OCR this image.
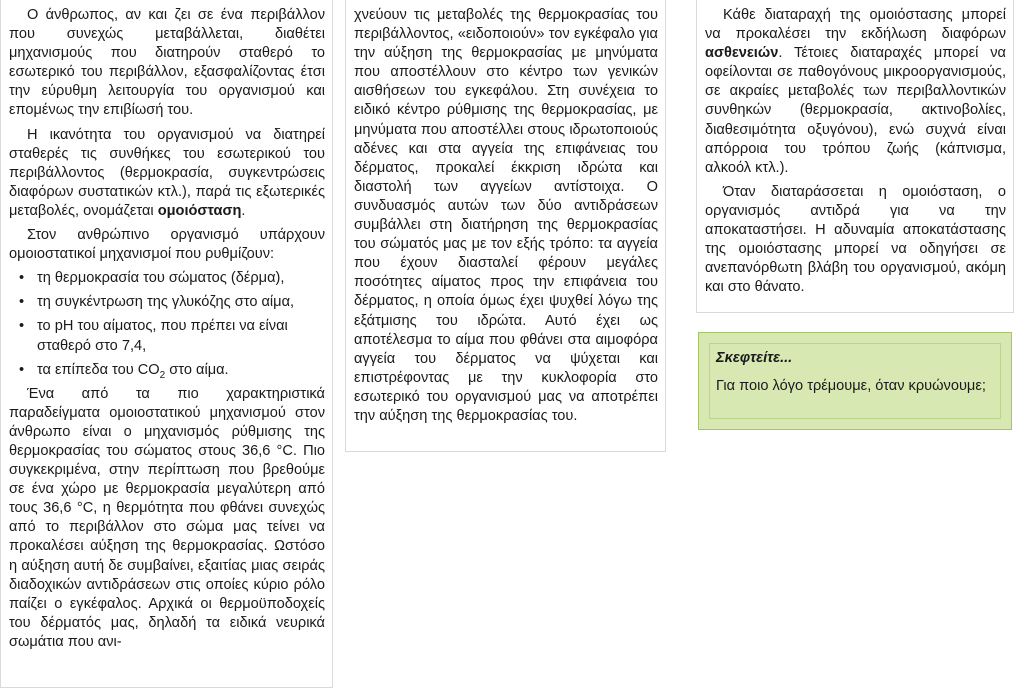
Ο άνθρωπος, αν και ζει σε ένα περιβάλλον που συνεχώς μεταβάλλεται, διαθέτει μηχανισμούς που διατηρούν σταθερό το εσωτερικό του περιβάλλον, εξασφαλίζοντας έτσι την εύρυθμη λειτουργία του οργανισμού και επομένως την επιβίωσή του.

Η ικανότητα του οργανισμού να διατηρεί σταθερές τις συνθήκες του εσωτερικού του περιβάλλοντος (θερμοκρασία, συγκεντρώσεις διαφόρων συστατικών κτλ.), παρά τις εξωτερικές μεταβολές, ονομάζεται ομοιόσταση.

Στον ανθρώπινο οργανισμό υπάρχουν ομοιοστατικοί μηχανισμοί που ρυθμίζουν:

• τη θερμοκρασία του σώματος (δέρμα),
• τη συγκέντρωση της γλυκόζης στο αίμα,
• το pH του αίματος, που πρέπει να είναι σταθερό στο 7,4,
• τα επίπεδα του $CO_2$ στο αίμα.

Ένα από τα πιο χαρακτηριστικά παραδείγματα ομοιοστατικού μηχανισμού στον άνθρωπο είναι ο μηχανισμός ρύθμισης της θερμοκρασίας του σώματος στους 36,6 °C. Πιο συγκεκριμένα, στην περίπτωση που βρεθούμε σε ένα χώρο με θερμοκρασία μεγαλύτερη από τους 36,6 °C, η θερμότητα που φθάνει συνεχώς από το περιβάλλον στο σώμα μας τείνει να προκαλέσει αύξηση της θερμοκρασίας. Ωστόσο η αύξηση αυτή δε συμβαίνει, εξαιτίας μιας σειράς διαδοχικών αντιδράσεων στις οποίες κύριο ρόλο παίζει ο εγκέφαλος. Αρχικά οι θερμοϋποδοχείς του δέρματός μας, δηλαδή τα ειδικά νευρικά σωμάτια που ανι-

χνεύουν τις μεταβολές της θερμοκρασίας του περιβάλλοντος, «ειδοποιούν» τον εγκέφαλο για την αύξηση της θερμοκρασίας με μηνύματα που αποστέλλουν στο κέντρο των γενικών αισθήσεων του εγκεφάλου. Στη συνέχεια το ειδικό κέντρο ρύθμισης της θερμοκρασίας, με μηνύματα που αποστέλλει στους ιδρωτοποιούς αδένες και στα αγγεία της επιφάνειας του δέρματος, προκαλεί έκκριση ιδρώτα και διαστολή των αγγείων αντίστοιχα. Ο συνδυασμός αυτών των δύο αντιδράσεων συμβάλλει στη διατήρηση της θερμοκρασίας του σώματός μας με τον εξής τρόπο: τα αγγεία που έχουν διασταλεί φέρουν μεγάλες ποσότητες αίματος προς την επιφάνεια του δέρματος, η οποία όμως έχει ψυχθεί λόγω της εξάτμισης του ιδρώτα. Αυτό έχει ως αποτέλεσμα το αίμα που φθάνει στα αιμοφόρα αγγεία του δέρματος να ψύχεται και επιστρέφοντας με την κυκλοφορία στο εσωτερικό του οργανισμού μας να αποτρέπει την αύξηση της θερμοκρασίας του.

Κάθε διαταραχή της ομοιόστασης μπορεί να προκαλέσει την εκδήλωση διαφόρων ασθενειών. Τέτοιες διαταραχές μπορεί να οφείλονται σε παθογόνους μικροοργανισμούς, σε ακραίες μεταβολές των περιβαλλοντικών συνθηκών (θερμοκρασία, ακτινοβολίες, διαθεσιμότητα οξυγόνου), ενώ συχνά είναι απόρροια του τρόπου ζωής (κάπνισμα, αλκοόλ κτλ.).

Όταν διαταράσσεται η ομοιόσταση, ο οργανισμός αντιδρά για να την αποκαταστήσει. Η αδυναμία αποκατάστασης της ομοιόστασης μπορεί να οδηγήσει σε ανεπανόρθωτη βλάβη του οργανισμού, ακόμη και στο θάνατο.

Σκεφτείτε...
Για ποιο λόγο τρέμουμε, όταν κρυώνουμε;
